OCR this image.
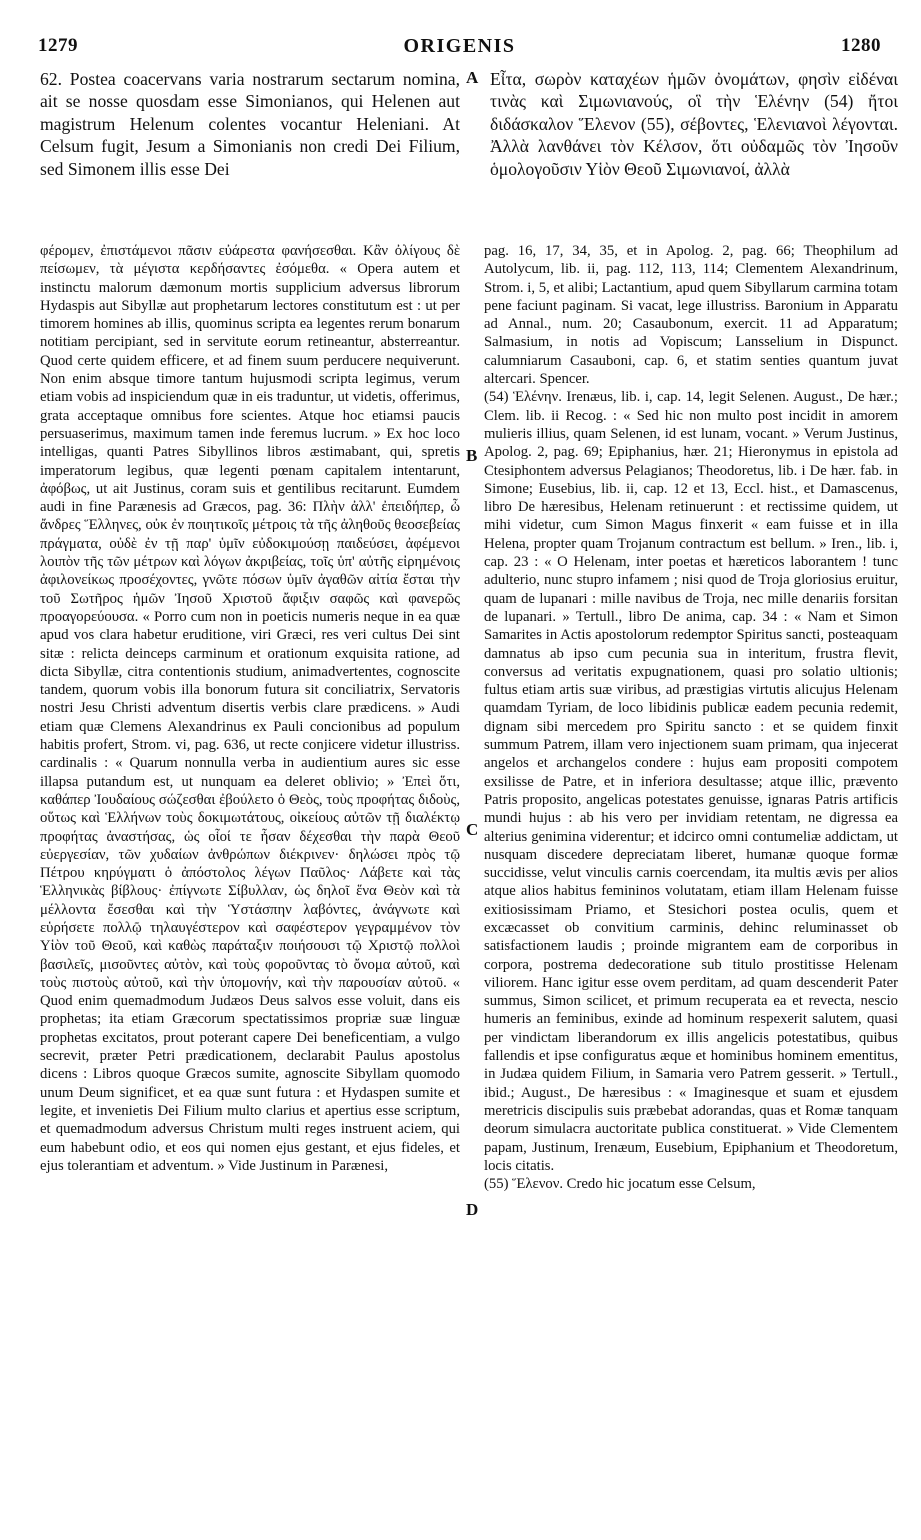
1279	ORIGENIS	1280

62. Postea coacervans varia nostrarum sectarum nomina, ait se nosse quosdam esse Simonianos, qui Helenen aut magistrum Helenum colentes vocantur Heleniani. At Celsum fugit, Jesum a Simonianis non credi Dei Filium, sed Simonem illis esse Dei

Εἶτα, σωρὸν καταχέων ἡμῶν ὀνομάτων, φησὶν εἰδέναι τινὰς καὶ Σιμωνιανούς, οἳ τὴν Ἑλένην (54) ἤτοι διδάσκαλον Ἕλενον (55), σέβοντες, Ἑλενιανοὶ λέγονται. Ἀλλὰ λανθάνει τὸν Κέλσον, ὅτι οὐδαμῶς τὸν Ἰησοῦν ὁμολογοῦσιν Υἱὸν Θεοῦ Σιμωνιανοί, ἀλλὰ

φέρομεν, ἐπιστάμενοι πᾶσιν εὐάρεστα φανήσεσθαι. Κἂν ὀλίγους δὲ πείσωμεν, τὰ μέγιστα κερδήσαντες ἐσόμεθα. « Opera autem et instinctu malorum dæmonum mortis supplicium adversus librorum Hydaspis aut Sibyllæ aut prophetarum lectores constitutum est : ut per timorem homines ab illis, quominus scripta ea legentes rerum bonarum notitiam percipiant, sed in servitute eorum retineantur, absterreantur. Quod certe quidem efficere, et ad finem suum perducere nequiverunt. Non enim absque timore tantum hujusmodi scripta legimus, verum etiam vobis ad inspiciendum quæ in eis traduntur, ut videtis, offerimus, grata acceptaque omnibus fore scientes. Atque hoc etiamsi paucis persuaserimus, maximum tamen inde feremus lucrum. » Ex hoc loco intelligas, quanti Patres Sibyllinos libros æstimabant, qui, spretis imperatorum legibus, quæ legenti pœnam capitalem intentarunt, ἀφόβως, ut ait Justinus, coram suis et gentilibus recitarunt. Eumdem audi in fine Parænesis ad Græcos, pag. 36: Πλὴν ἀλλ' ἐπειδήπερ, ὦ ἄνδρες Ἕλληνες, οὐκ ἐν ποιητικοῖς μέτροις τὰ τῆς ἀληθοῦς θεοσεβείας πράγματα, οὐδὲ ἐν τῇ παρ' ὑμῖν εὐδοκιμούσῃ παιδεύσει, ἀφέμενοι λοιπὸν τῆς τῶν μέτρων καὶ λόγων ἀκριβείας, τοῖς ὑπ' αὐτῆς εἰρημένοις ἀφιλονείκως προσέχοντες, γνῶτε πόσων ὑμῖν ἀγαθῶν αἰτία ἔσται τὴν τοῦ Σωτῆρος ἡμῶν Ἰησοῦ Χριστοῦ ἄφιξιν σαφῶς καὶ φανερῶς προαγορεύουσα. « Porro cum non in poeticis numeris neque in ea quæ apud vos clara habetur eruditione, viri Græci, res veri cultus Dei sint sitæ : relicta deinceps carminum et orationum exquisita ratione, ad dicta Sibyllæ, citra contentionis studium, animadvertentes, cognoscite tandem, quorum vobis illa bonorum futura sit conciliatrix, Servatoris nostri Jesu Christi adventum disertis verbis clare prædicens. » Audi etiam quæ Clemens Alexandrinus ex Pauli concionibus ad populum habitis profert, Strom. vi, pag. 636, ut recte conjicere videtur illustriss. cardinalis : « Quarum nonnulla verba in audientium aures sic esse illapsa putandum est, ut nunquam ea deleret oblivio; » Ἐπεὶ ὅτι, καθάπερ Ἰουδαίους σώζεσθαι ἐβούλετο ὁ Θεὸς, τοὺς προφήτας διδοὺς, οὕτως καὶ Ἑλλήνων τοὺς δοκιμωτάτους, οἰκείους αὐτῶν τῇ διαλέκτῳ προφήτας ἀναστήσας, ὡς οἷοί τε ἦσαν δέχεσθαι τὴν παρὰ Θεοῦ εὐεργεσίαν, τῶν χυδαίων ἀνθρώπων διέκρινεν· δηλώσει πρὸς τῷ Πέτρου κηρύγματι ὁ ἀπόστολος λέγων Παῦλος· Λάβετε καὶ τὰς Ἑλληνικὰς βίβλους· ἐπίγνωτε Σίβυλλαν, ὡς δηλοῖ ἕνα Θεὸν καὶ τὰ μέλλοντα ἔσεσθαι καὶ τὴν Ὑστάσπην λαβόντες, ἀνάγνωτε καὶ εὑρήσετε πολλῷ τηλαυγέστερον καὶ σαφέστερον γεγραμμένον τὸν Υἱὸν τοῦ Θεοῦ, καὶ καθὼς παράταξιν ποιήσουσι τῷ Χριστῷ πολλοὶ βασιλεῖς, μισοῦντες αὐτὸν, καὶ τοὺς φοροῦντας τὸ ὄνομα αὐτοῦ, καὶ τοὺς πιστοὺς αὐτοῦ, καὶ τὴν ὑπομονήν, καὶ τὴν παρουσίαν αὐτοῦ. « Quod enim quemadmodum Judæos Deus salvos esse voluit, dans eis prophetas; ita etiam Græcorum spectatissimos propriæ suæ linguæ prophetas excitatos, prout poterant capere Dei beneficentiam, a vulgo secrevit, præter Petri prædicationem, declarabit Paulus apostolus dicens : Libros quoque Græcos sumite, agnoscite Sibyllam quomodo unum Deum significet, et ea quæ sunt futura : et Hydaspen sumite et legite, et invenietis Dei Filium multo clarius et apertius esse scriptum, et quemadmodum adversus Christum multi reges instruent aciem, qui eum habebunt odio, et eos qui nomen ejus gestant, et ejus fideles, et ejus tolerantiam et adventum. » Vide Justinum in Parænesi,

pag. 16, 17, 34, 35, et in Apolog. 2, pag. 66; Theophilum ad Autolycum, lib. ii, pag. 112, 113, 114; Clementem Alexandrinum, Strom. i, 5, et alibi; Lactantium, apud quem Sibyllarum carmina totam pene faciunt paginam. Si vacat, lege illustriss. Baronium in Apparatu ad Annal., num. 20; Casaubonum, exercit. 11 ad Apparatum; Salmasium, in notis ad Vopiscum; Lansselium in Dispunct. calumniarum Casauboni, cap. 6, et statim senties quantum juvat altercari. Spencer.

(54) Ἑλένην. Irenæus, lib. i, cap. 14, legit Selenen. August., De hær.; Clem. lib. ii Recog. : « Sed hic non multo post incidit in amorem mulieris illius, quam Selenen, id est lunam, vocant. » Verum Justinus, Apolog. 2, pag. 69; Epiphanius, hær. 21; Hieronymus in epistola ad Ctesiphontem adversus Pelagianos; Theodoretus, lib. i De hær. fab. in Simone; Eusebius, lib. ii, cap. 12 et 13, Eccl. hist., et Damascenus, libro De hæresibus, Helenam retinuerunt : et rectissime quidem, ut mihi videtur, cum Simon Magus finxerit « eam fuisse et in illa Helena, propter quam Trojanum contractum est bellum. » Iren., lib. i, cap. 23 : « O Helenam, inter poetas et hæreticos laborantem ! tunc adulterio, nunc stupro infamem ; nisi quod de Troja gloriosius eruitur, quam de lupanari : mille navibus de Troja, nec mille denariis forsitan de lupanari. » Tertull., libro De anima, cap. 34 : « Nam et Simon Samarites in Actis apostolorum redemptor Spiritus sancti, posteaquam damnatus ab ipso cum pecunia sua in interitum, frustra flevit, conversus ad veritatis expugnationem, quasi pro solatio ultionis; fultus etiam artis suæ viribus, ad præstigias virtutis alicujus Helenam quamdam Tyriam, de loco libidinis publicæ eadem pecunia redemit, dignam sibi mercedem pro Spiritu sancto : et se quidem finxit summum Patrem, illam vero injectionem suam primam, qua injecerat angelos et archangelos condere : hujus eam propositi compotem exsilisse de Patre, et in inferiora desultasse; atque illic, prævento Patris proposito, angelicas potestates genuisse, ignaras Patris artificis mundi hujus : ab his vero per invidiam retentam, ne digressa ea alterius genimina viderentur; et idcirco omni contumeliæ addictam, ut nusquam discedere depreciatam liberet, humanæ quoque formæ succidisse, velut vinculis carnis coercendam, ita multis ævis per alios atque alios habitus femininos volutatam, etiam illam Helenam fuisse exitiosissimam Priamo, et Stesichori postea oculis, quem et excæcasset ob convitium carminis, dehinc reluminasset ob satisfactionem laudis ; proinde migrantem eam de corporibus in corpora, postrema dedecoratione sub titulo prostitisse Helenam viliorem. Hanc igitur esse ovem perditam, ad quam descenderit Pater summus, Simon scilicet, et primum recuperata ea et revecta, nescio humeris an feminibus, exinde ad hominum respexerit salutem, quasi per vindictam liberandorum ex illis angelicis potestatibus, quibus fallendis et ipse configuratus æque et hominibus hominem ementitus, in Judæa quidem Filium, in Samaria vero Patrem gesserit. » Tertull., ibid.; August., De hæresibus : « Imaginesque et suam et ejusdem meretricis discipulis suis præbebat adorandas, quas et Romæ tanquam deorum simulacra auctoritate publica constituerat. » Vide Clementem papam, Justinum, Irenæum, Eusebium, Epiphanium et Theodoretum, locis citatis.

(55) Ἕλενον. Credo hic jocatum esse Celsum,

A
B
C
D
